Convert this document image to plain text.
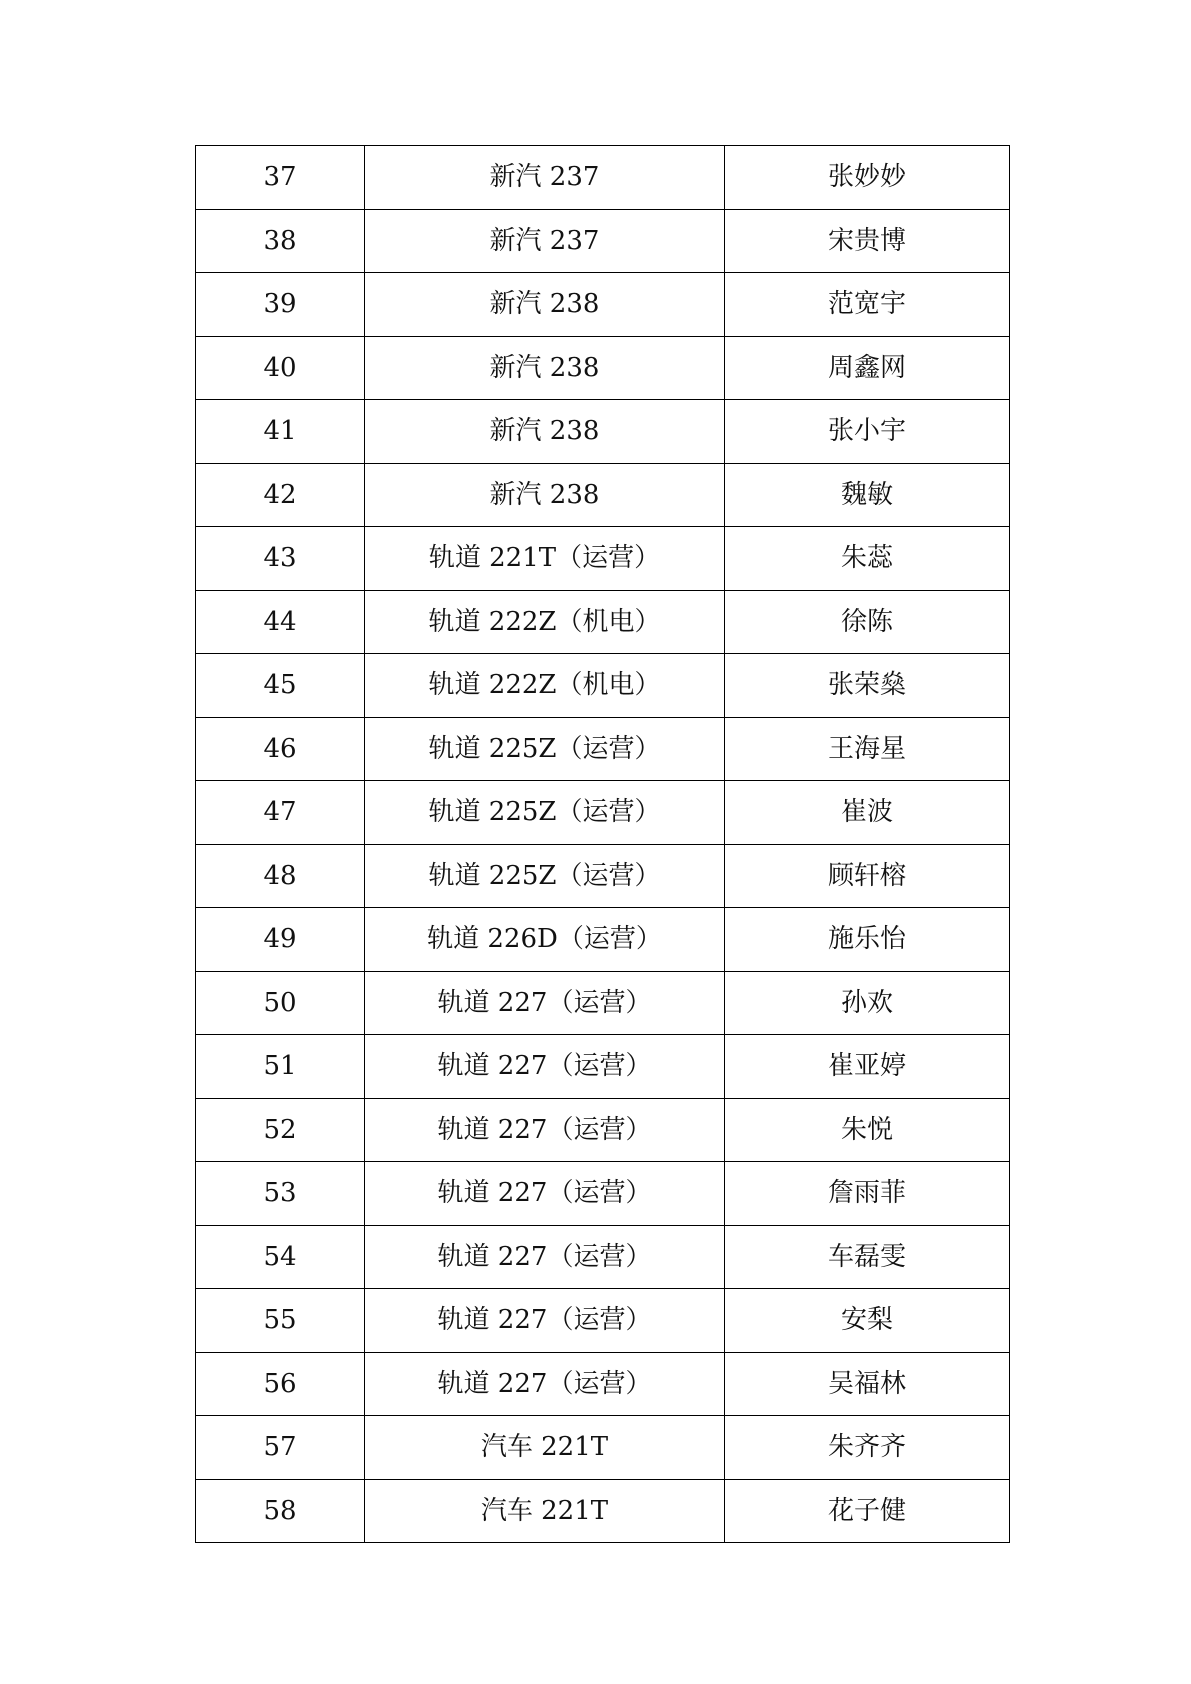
37	新汽 237	张妙妙
38	新汽 237	宋贵博
39	新汽 238	范宽宇
40	新汽 238	周鑫网
41	新汽 238	张小宇
42	新汽 238	魏敏
43	轨道 221T（运营）	朱蕊
44	轨道 222Z（机电）	徐陈
45	轨道 222Z（机电）	张荣燊
46	轨道 225Z（运营）	王海星
47	轨道 225Z（运营）	崔波
48	轨道 225Z（运营）	顾轩榕
49	轨道 226D（运营）	施乐怡
50	轨道 227（运营）	孙欢
51	轨道 227（运营）	崔亚婷
52	轨道 227（运营）	朱悦
53	轨道 227（运营）	詹雨菲
54	轨道 227（运营）	车磊雯
55	轨道 227（运营）	安梨
56	轨道 227（运营）	吴福林
57	汽车 221T	朱齐齐
58	汽车 221T	花子健
